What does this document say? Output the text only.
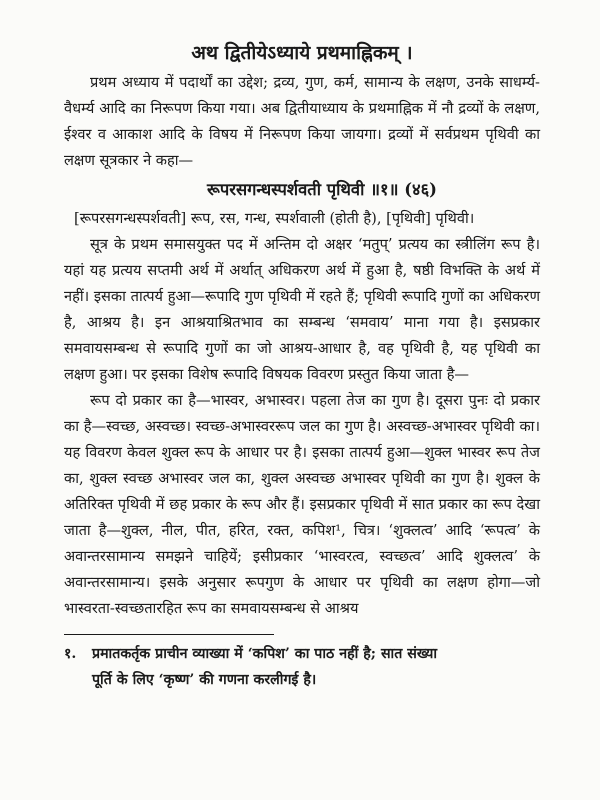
अथ द्वितीयेऽध्याये प्रथमाह्निकम् ।

प्रथम अध्याय में पदार्थों का उद्देश; द्रव्य, गुण, कर्म, सामान्य के लक्षण, उनके साधर्म्य-वैधर्म्य आदि का निरूपण किया गया। अब द्वितीयाध्याय के प्रथमाह्निक में नौ द्रव्यों के लक्षण, ईश्वर व आकाश आदि के विषय में निरूपण किया जायगा। द्रव्यों में सर्वप्रथम पृथिवी का लक्षण सूत्रकार ने कहा—

रूपरसगन्धस्पर्शवती पृथिवी ॥१॥ (४६)

[रूपरसगन्धस्पर्शवती] रूप, रस, गन्ध, स्पर्शवाली (होती है), [पृथिवी] पृथिवी।

सूत्र के प्रथम समासयुक्त पद में अन्तिम दो अक्षर ‘मतुप्’ प्रत्यय का स्त्रीलिंग रूप है। यहां यह प्रत्यय सप्तमी अर्थ में अर्थात् अधिकरण अर्थ में हुआ है, षष्ठी विभक्ति के अर्थ में नहीं। इसका तात्पर्य हुआ—रूपादि गुण पृथिवी में रहते हैं; पृथिवी रूपादि गुणों का अधिकरण है, आश्रय है। इन आश्रयाश्रितभाव का सम्बन्ध ‘समवाय’ माना गया है। इसप्रकार समवायसम्बन्ध से रूपादि गुणों का जो आश्रय-आधार है, वह पृथिवी है, यह पृथिवी का लक्षण हुआ। पर इसका विशेष रूपादि विषयक विवरण प्रस्तुत किया जाता है—

रूप दो प्रकार का है—भास्वर, अभास्वर। पहला तेज का गुण है। दूसरा पुनः दो प्रकार का है—स्वच्छ, अस्वच्छ। स्वच्छ-अभास्वररूप जल का गुण है। अस्वच्छ-अभास्वर पृथिवी का। यह विवरण केवल शुक्ल रूप के आधार पर है। इसका तात्पर्य हुआ—शुक्ल भास्वर रूप तेज का, शुक्ल स्वच्छ अभास्वर जल का, शुक्ल अस्वच्छ अभास्वर पृथिवी का गुण है। शुक्ल के अतिरिक्त पृथिवी में छह प्रकार के रूप और हैं। इसप्रकार पृथिवी में सात प्रकार का रूप देखा जाता है—शुक्ल, नील, पीत, हरित, रक्त, कपिश¹, चित्र। ‘शुक्लत्व’ आदि ‘रूपत्व’ के अवान्तरसामान्य समझने चाहियें; इसीप्रकार ‘भास्वरत्व, स्वच्छत्व’ आदि शुक्लत्व’ के अवान्तरसामान्य। इसके अनुसार रूपगुण के आधार पर पृथिवी का लक्षण होगा—जो भास्वरता-स्वच्छतारहित रूप का समवायसम्बन्ध से आश्रय

१. प्रमातकर्तृक प्राचीन व्याख्या में ‘कपिश’ का पाठ नहीं है; सात संख्या
पूर्ति के लिए ‘कृष्ण’ की गणना करलीगई है।
